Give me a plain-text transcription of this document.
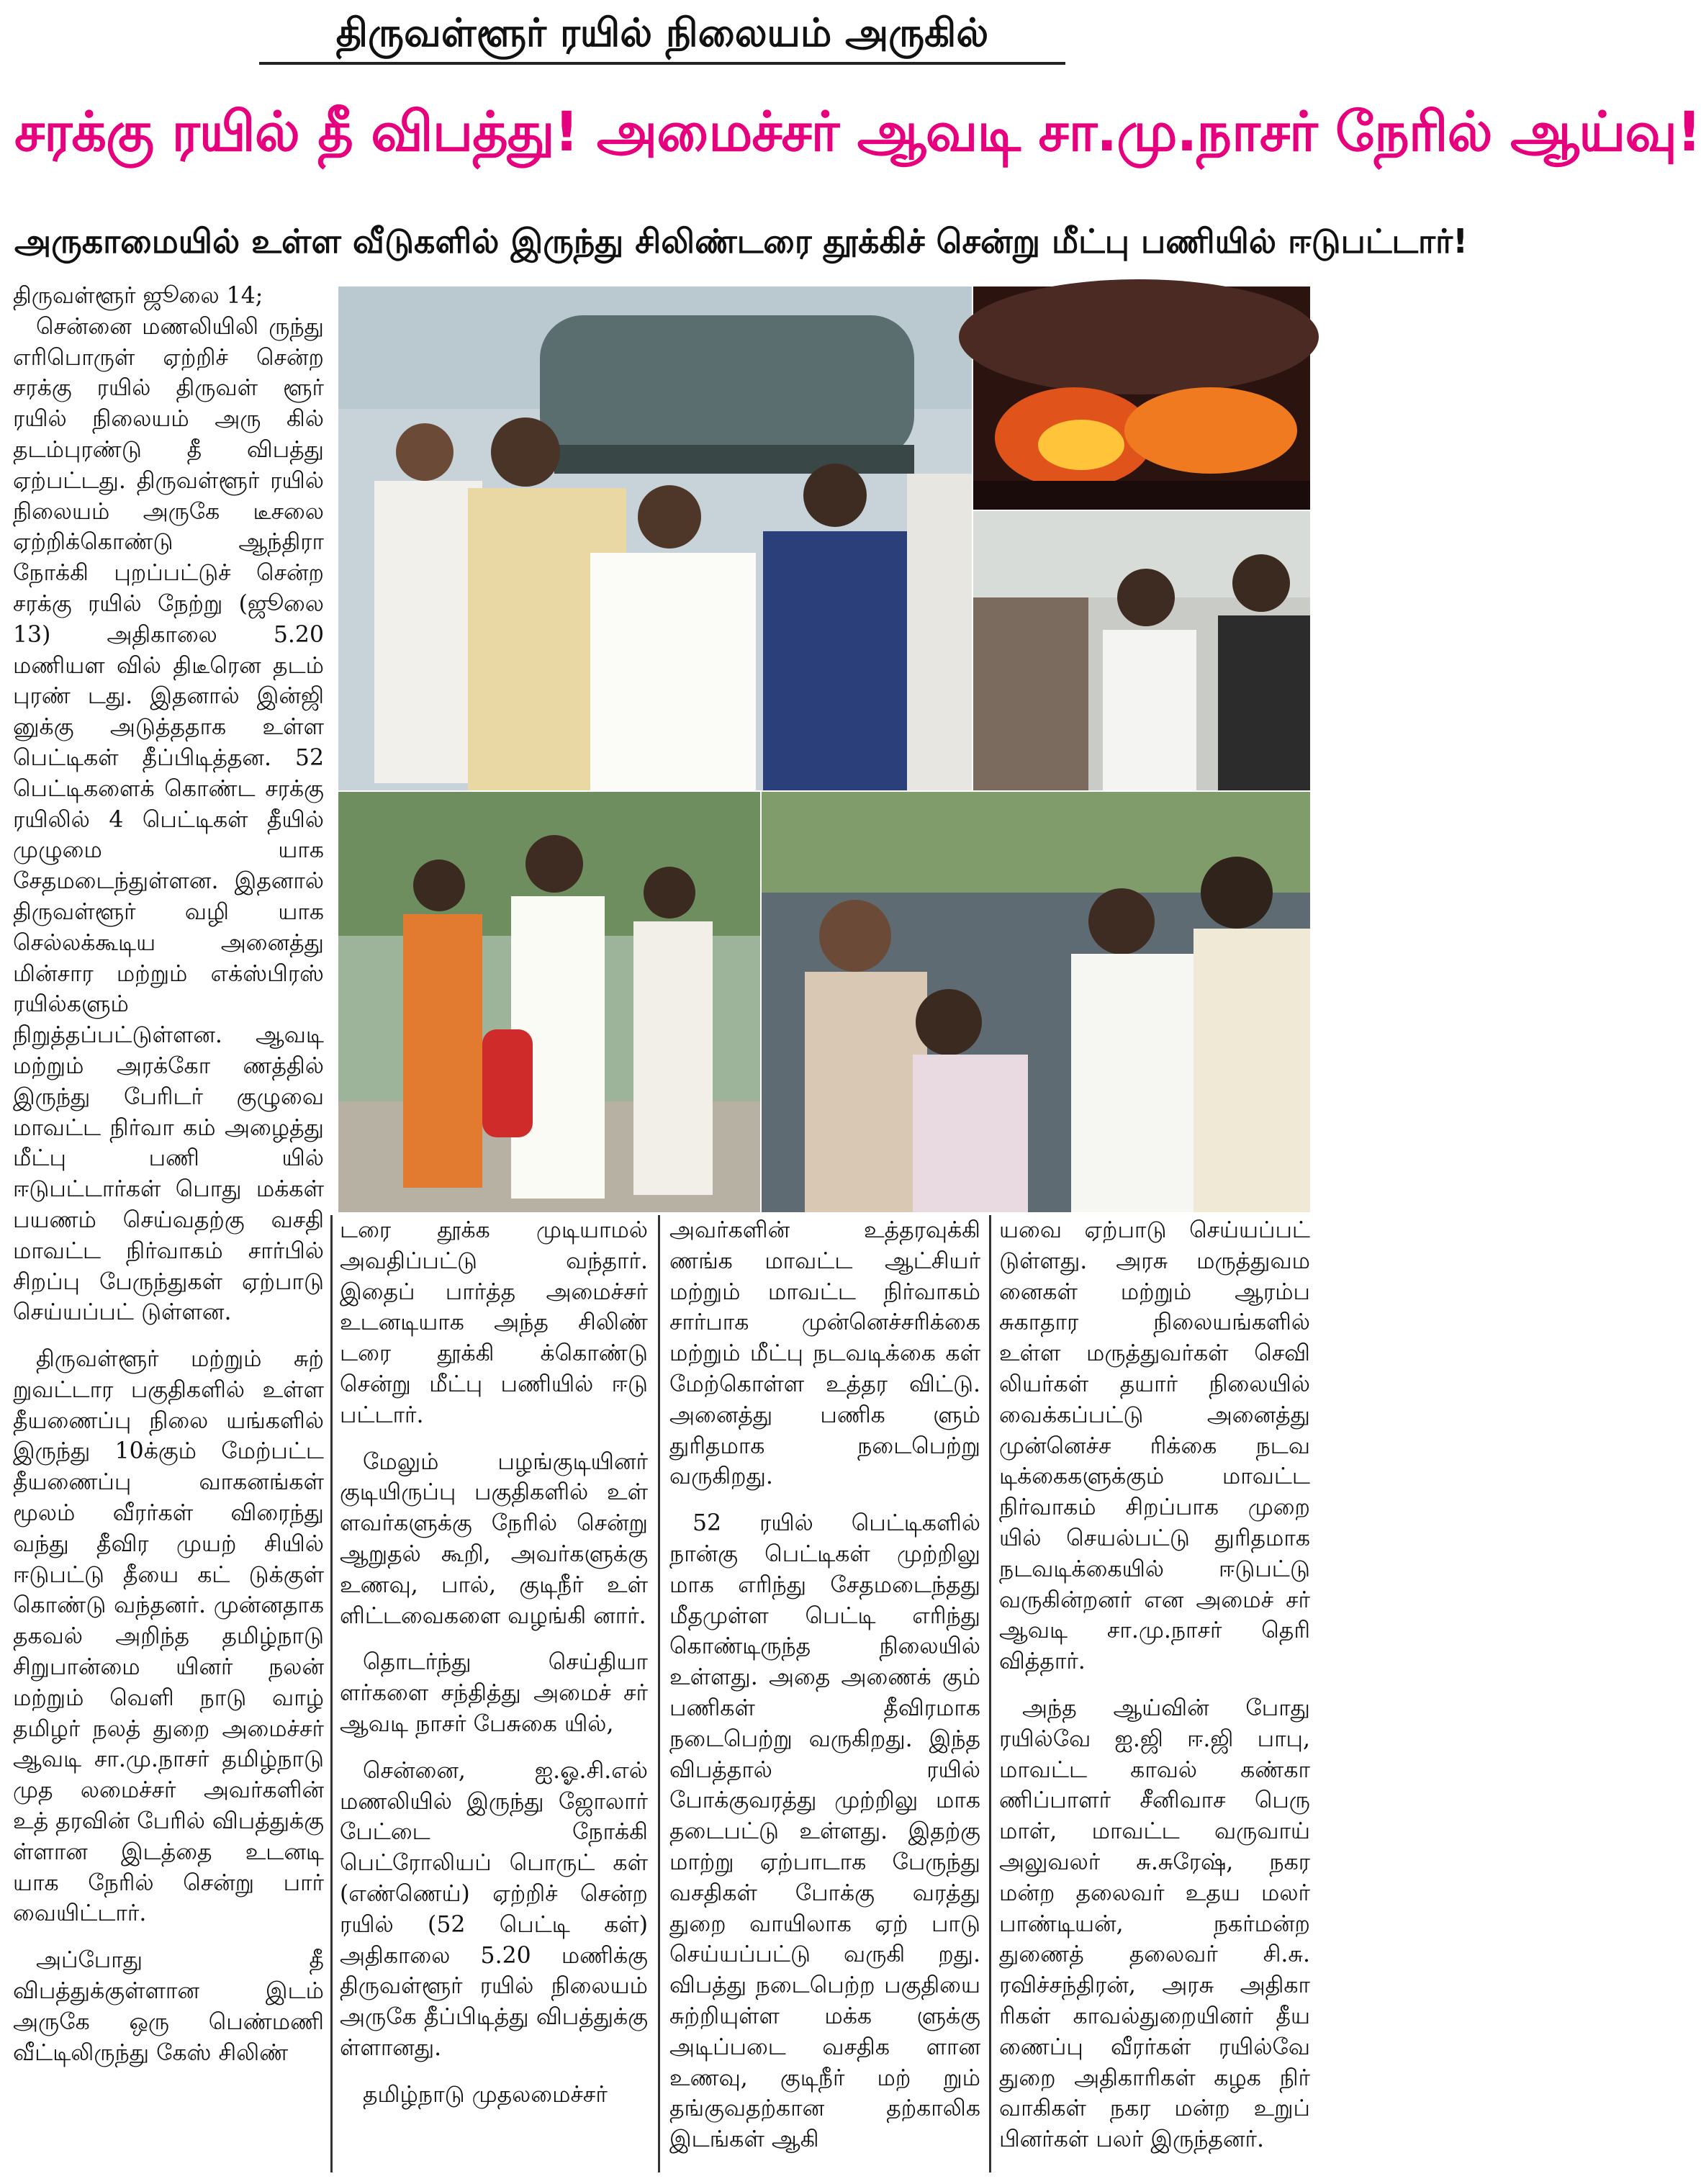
திருவள்ளூர் ரயில் நிலையம் அருகில்
சரக்கு ரயில் தீ விபத்து! அமைச்சர் ஆவடி சா.மு.நாசர் நேரில் ஆய்வு!
அருகாமையில் உள்ள வீடுகளில் இருந்து சிலிண்டரை தூக்கிச் சென்று மீட்பு பணியில் ஈடுபட்டார்!

திருவள்ளூர் ஜூலை 14;

சென்னை மணலியிலி ருந்து எரிபொருள் ஏற்றிச் சென்ற சரக்கு ரயில் திருவள் ளூர் ரயில் நிலையம் அரு கில் தடம்புரண்டு தீ விபத்து ஏற்பட்டது. திருவள்ளூர் ரயில் நிலையம் அருகே டீசலை ஏற்றிக்கொண்டு ஆந்திரா நோக்கி புறப்பட்டுச் சென்ற சரக்கு ரயில் நேற்று (ஜூலை 13) அதிகாலை 5.20 மணியள வில் திடீரென தடம் புரண் டது. இதனால் இன்ஜி னுக்கு அடுத்ததாக உள்ள பெட்டிகள் தீப்பிடித்தன. 52 பெட்டிகளைக் கொண்ட சரக்கு ரயிலில் 4 பெட்டிகள் தீயில் முழுமை யாக சேதமடைந்துள்ளன. இதனால் திருவள்ளூர் வழி யாக செல்லக்கூடிய அனைத்து மின்சார மற்றும் எக்ஸ்பிரஸ் ரயில்களும் நிறுத்தப்பட்டுள்ளன. ஆவடி மற்றும் அரக்கோ ணத்தில் இருந்து பேரிடர் குழுவை மாவட்ட நிர்வா கம் அழைத்து மீட்பு பணி யில் ஈடுபட்டார்கள் பொது மக்கள் பயணம் செய்வதற்கு வசதி மாவட்ட நிர்வாகம் சார்பில் சிறப்பு பேருந்துகள் ஏற்பாடு செய்யப்பட் டுள்ளன.

திருவள்ளூர் மற்றும் சுற் றுவட்டார பகுதிகளில் உள்ள தீயணைப்பு நிலை யங்களில் இருந்து 10க்கும் மேற்பட்ட தீயணைப்பு வாகனங்கள் மூலம் வீரர்கள் விரைந்து வந்து தீவிர முயற் சியில் ஈடுபட்டு தீயை கட் டுக்குள் கொண்டு வந்தனர். முன்னதாக தகவல் அறிந்த தமிழ்நாடு சிறுபான்மை யினர் நலன் மற்றும் வெளி நாடு வாழ் தமிழர் நலத் துறை அமைச்சர் ஆவடி சா.மு.நாசர் தமிழ்நாடு முத லமைச்சர் அவர்களின் உத் தரவின் பேரில் விபத்துக்கு ள்ளான இடத்தை உடனடி யாக நேரில் சென்று பார் வையிட்டார்.

அப்போது தீ விபத்துக்குள்ளான இடம் அருகே ஒரு பெண்மணி வீட்டிலிருந்து கேஸ் சிலிண்

டரை தூக்க முடியாமல் அவதிப்பட்டு வந்தார். இதைப் பார்த்த அமைச்சர் உடனடியாக அந்த சிலிண் டரை தூக்கி க்கொண்டு சென்று மீட்பு பணியில் ஈடு பட்டார்.

மேலும் பழங்குடியினர் குடியிருப்பு பகுதிகளில் உள் ளவர்களுக்கு நேரில் சென்று ஆறுதல் கூறி, அவர்களுக்கு உணவு, பால், குடிநீர் உள் ளிட்டவைகளை வழங்கி னார்.

தொடர்ந்து செய்தியா ளர்களை சந்தித்து அமைச் சர் ஆவடி நாசர் பேசுகை யில்,

சென்னை, ஐ.ஓ.சி.எல் மணலியில் இருந்து ஜோலார் பேட்டை நோக்கி பெட்ரோலியப் பொருட் கள் (எண்ணெய்) ஏற்றிச் சென்ற ரயில் (52 பெட்டி கள்) அதிகாலை 5.20 மணிக்கு திருவள்ளூர் ரயில் நிலையம் அருகே தீப்பிடித்து விபத்துக்கு ள்ளானது.

தமிழ்நாடு முதலமைச்சர்

அவர்களின் உத்தரவுக்கி ணங்க மாவட்ட ஆட்சியர் மற்றும் மாவட்ட நிர்வாகம் சார்பாக முன்னெச்சரிக்கை மற்றும் மீட்பு நடவடிக்கை கள் மேற்கொள்ள உத்தர விட்டு. அனைத்து பணிக ளும் துரிதமாக நடைபெற்று வருகிறது.

52 ரயில் பெட்டிகளில் நான்கு பெட்டிகள் முற்றிலு மாக எரிந்து சேதமடைந்தது மீதமுள்ள பெட்டி எரிந்து கொண்டிருந்த நிலையில் உள்ளது. அதை அணைக் கும் பணிகள் தீவிரமாக நடைபெற்று வருகிறது. இந்த விபத்தால் ரயில் போக்குவரத்து முற்றிலு மாக தடைபட்டு உள்ளது. இதற்கு மாற்று ஏற்பாடாக பேருந்து வசதிகள் போக்கு வரத்து துறை வாயிலாக ஏற் பாடு செய்யப்பட்டு வருகி றது. விபத்து நடைபெற்ற பகுதியை சுற்றியுள்ள மக்க ளுக்கு அடிப்படை வசதிக ளான உணவு, குடிநீர் மற் றும் தங்குவதற்கான தற்காலிக இடங்கள் ஆகி

யவை ஏற்பாடு செய்யப்பட் டுள்ளது. அரசு மருத்துவம னைகள் மற்றும் ஆரம்ப சுகாதார நிலையங்களில் உள்ள மருத்துவர்கள் செவி லியர்கள் தயார் நிலையில் வைக்கப்பட்டு அனைத்து முன்னெச்ச ரிக்கை நடவ டிக்கைகளுக்கும் மாவட்ட நிர்வாகம் சிறப்பாக முறை யில் செயல்பட்டு துரிதமாக நடவடிக்கையில் ஈடுபட்டு வருகின்றனர் என அமைச் சர் ஆவடி சா.மு.நாசர் தெரி வித்தார்.

அந்த ஆய்வின் போது ரயில்வே ஐ.ஜி ஈ.ஜி பாபு, மாவட்ட காவல் கண்கா ணிப்பாளர் சீனிவாச பெரு மாள், மாவட்ட வருவாய் அலுவலர் சு.சுரேஷ், நகர மன்ற தலைவர் உதய மலர் பாண்டியன், நகர்மன்ற துணைத் தலைவர் சி.சு. ரவிச்சந்திரன், அரசு அதிகா ரிகள் காவல்துறையினர் தீய ணைப்பு வீரர்கள் ரயில்வே துறை அதிகாரிகள் கழக நிர் வாகிகள் நகர மன்ற உறுப் பினர்கள் பலர் இருந்தனர்.
